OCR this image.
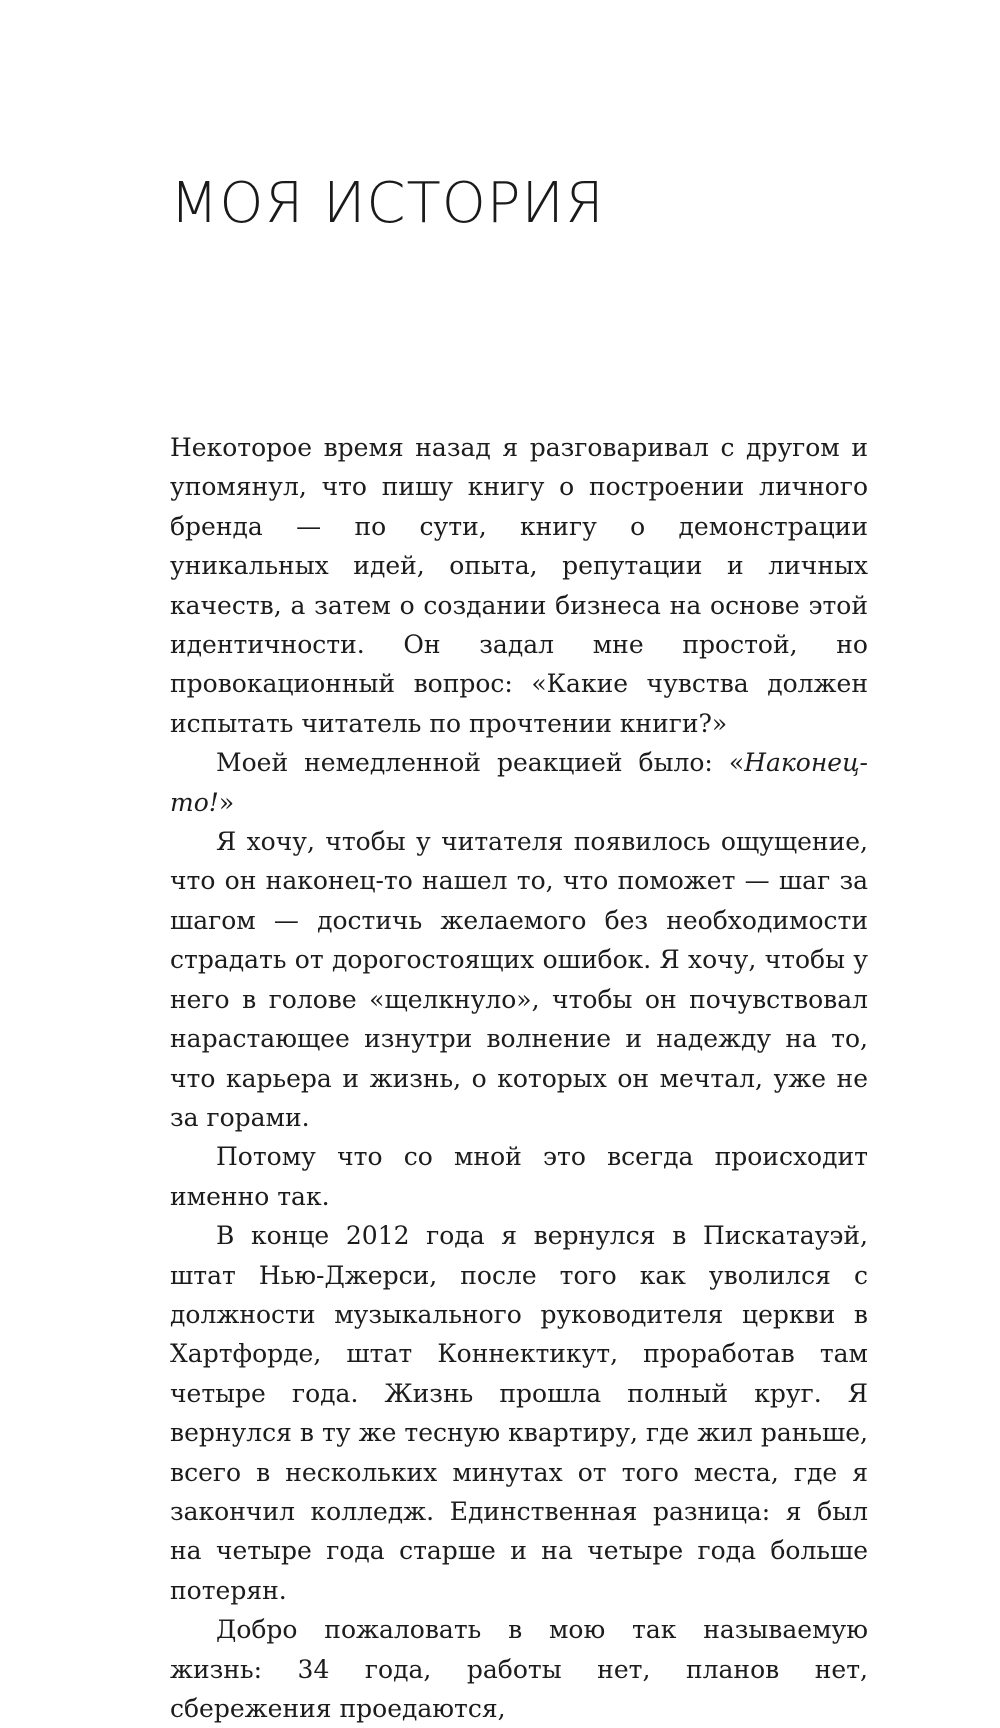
МОЯ ИСТОРИЯ

Некоторое время назад я разговаривал с другом и упомянул, что пишу книгу о построении личного бренда — по сути, книгу о демонстрации уникальных идей, опыта, репутации и личных качеств, а затем о создании бизнеса на основе этой идентичности. Он задал мне простой, но провокационный вопрос: «Какие чувства должен испытать читатель по прочтении книги?»

Моей немедленной реакцией было: «Наконец-то!»

Я хочу, чтобы у читателя появилось ощущение, что он наконец-то нашел то, что поможет — шаг за шагом — достичь желаемого без необходимости страдать от дорогостоящих ошибок. Я хочу, чтобы у него в голове «щелкнуло», чтобы он почувствовал нарастающее изнутри волнение и надежду на то, что карьера и жизнь, о которых он мечтал, уже не за горами.

Потому что со мной это всегда происходит именно так.

В конце 2012 года я вернулся в Пискатауэй, штат Нью-Джерси, после того как уволился с должности музыкального руководителя церкви в Хартфорде, штат Коннектикут, проработав там четыре года. Жизнь прошла полный круг. Я вернулся в ту же тесную квартиру, где жил раньше, всего в нескольких минутах от того места, где я закончил колледж. Единственная разница: я был на четыре года старше и на четыре года больше потерян.

Добро пожаловать в мою так называемую жизнь: 34 года, работы нет, планов нет, сбережения проедаются,
